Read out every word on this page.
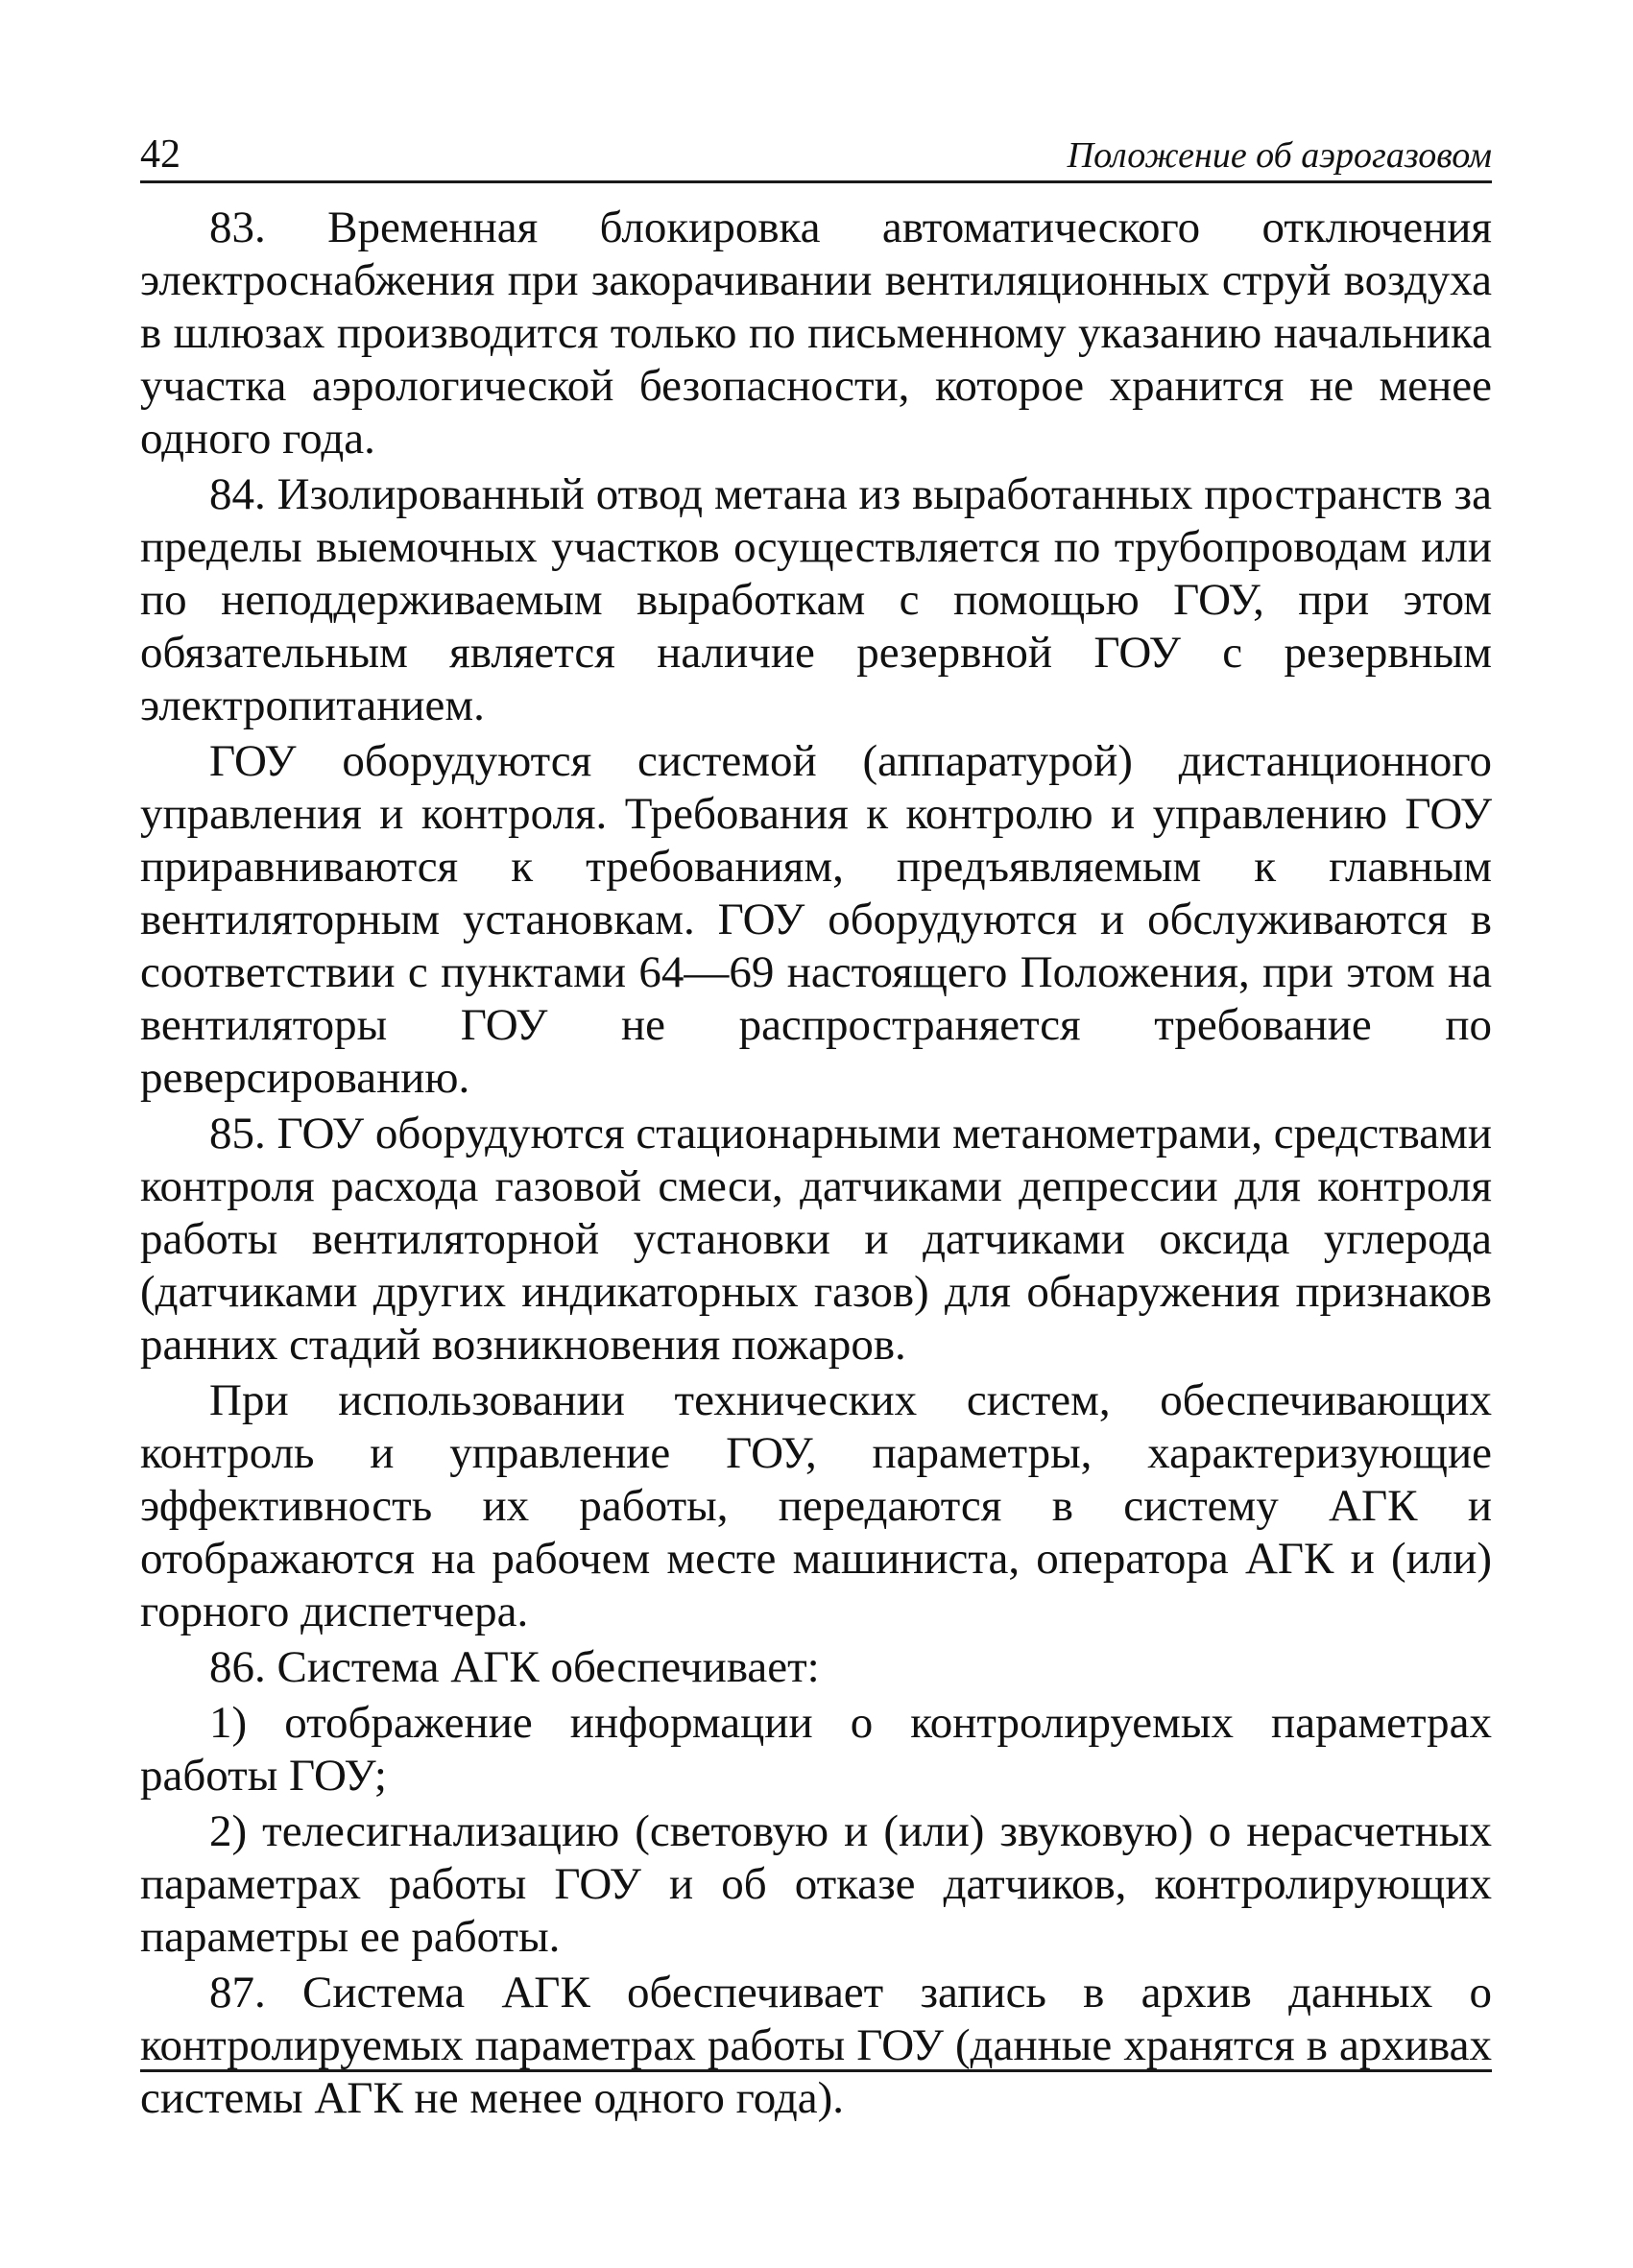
42	Положение об аэрогазовом

83. Временная блокировка автоматического отключения электроснабжения при закорачивании вентиляционных струй воздуха в шлюзах производится только по письменному указанию начальника участка аэрологической безопасности, которое хранится не менее одного года.

84. Изолированный отвод метана из выработанных пространств за пределы выемочных участков осуществляется по трубопроводам или по неподдерживаемым выработкам с помощью ГОУ, при этом обязательным является наличие резервной ГОУ с резервным электропитанием.

ГОУ оборудуются системой (аппаратурой) дистанционного управления и контроля. Требования к контролю и управлению ГОУ приравниваются к требованиям, предъявляемым к главным вентиляторным установкам. ГОУ оборудуются и обслуживаются в соответствии с пунктами 64—69 настоящего Положения, при этом на вентиляторы ГОУ не распространяется требование по реверсированию.

85. ГОУ оборудуются стационарными метанометрами, средствами контроля расхода газовой смеси, датчиками депрессии для контроля работы вентиляторной установки и датчиками оксида углерода (датчиками других индикаторных газов) для обнаружения признаков ранних стадий возникновения пожаров.

При использовании технических систем, обеспечивающих контроль и управление ГОУ, параметры, характеризующие эффективность их работы, передаются в систему АГК и отображаются на рабочем месте машиниста, оператора АГК и (или) горного диспетчера.

86. Система АГК обеспечивает:

1) отображение информации о контролируемых параметрах работы ГОУ;

2) телесигнализацию (световую и (или) звуковую) о нерасчетных параметрах работы ГОУ и об отказе датчиков, контролирующих параметры ее работы.

87. Система АГК обеспечивает запись в архив данных о контролируемых параметрах работы ГОУ (данные хранятся в архивах системы АГК не менее одного года).
